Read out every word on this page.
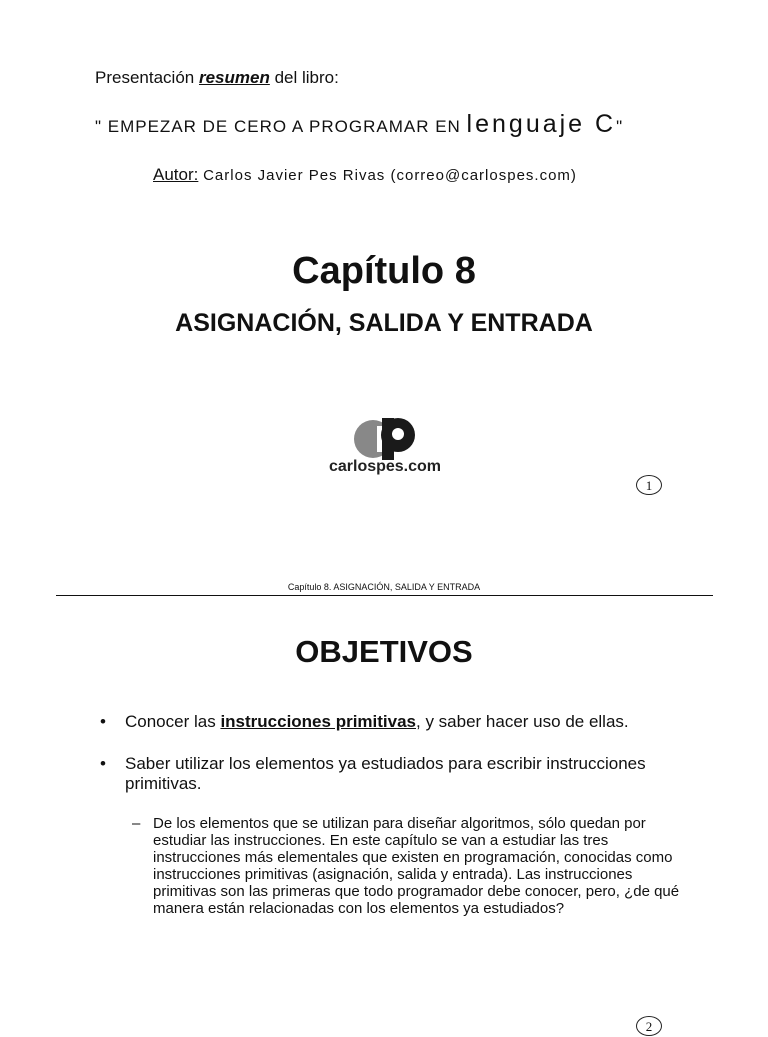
Presentación resumen del libro:
" EMPEZAR DE CERO A PROGRAMAR EN lenguaje C"
Autor: Carlos Javier Pes Rivas (correo@carlospes.com)
Capítulo 8
ASIGNACIÓN, SALIDA Y ENTRADA
carlospes.com
1
Capítulo 8. ASIGNACIÓN, SALIDA Y ENTRADA
OBJETIVOS
• Conocer las instrucciones primitivas, y saber hacer uso de ellas.
• Saber utilizar los elementos ya estudiados para escribir instrucciones primitivas.
– De los elementos que se utilizan para diseñar algoritmos, sólo quedan por estudiar las instrucciones. En este capítulo se van a estudiar las tres instrucciones más elementales que existen en programación, conocidas como instrucciones primitivas (asignación, salida y entrada). Las instrucciones primitivas son las primeras que todo programador debe conocer, pero, ¿de qué manera están relacionadas con los elementos ya estudiados?
2
